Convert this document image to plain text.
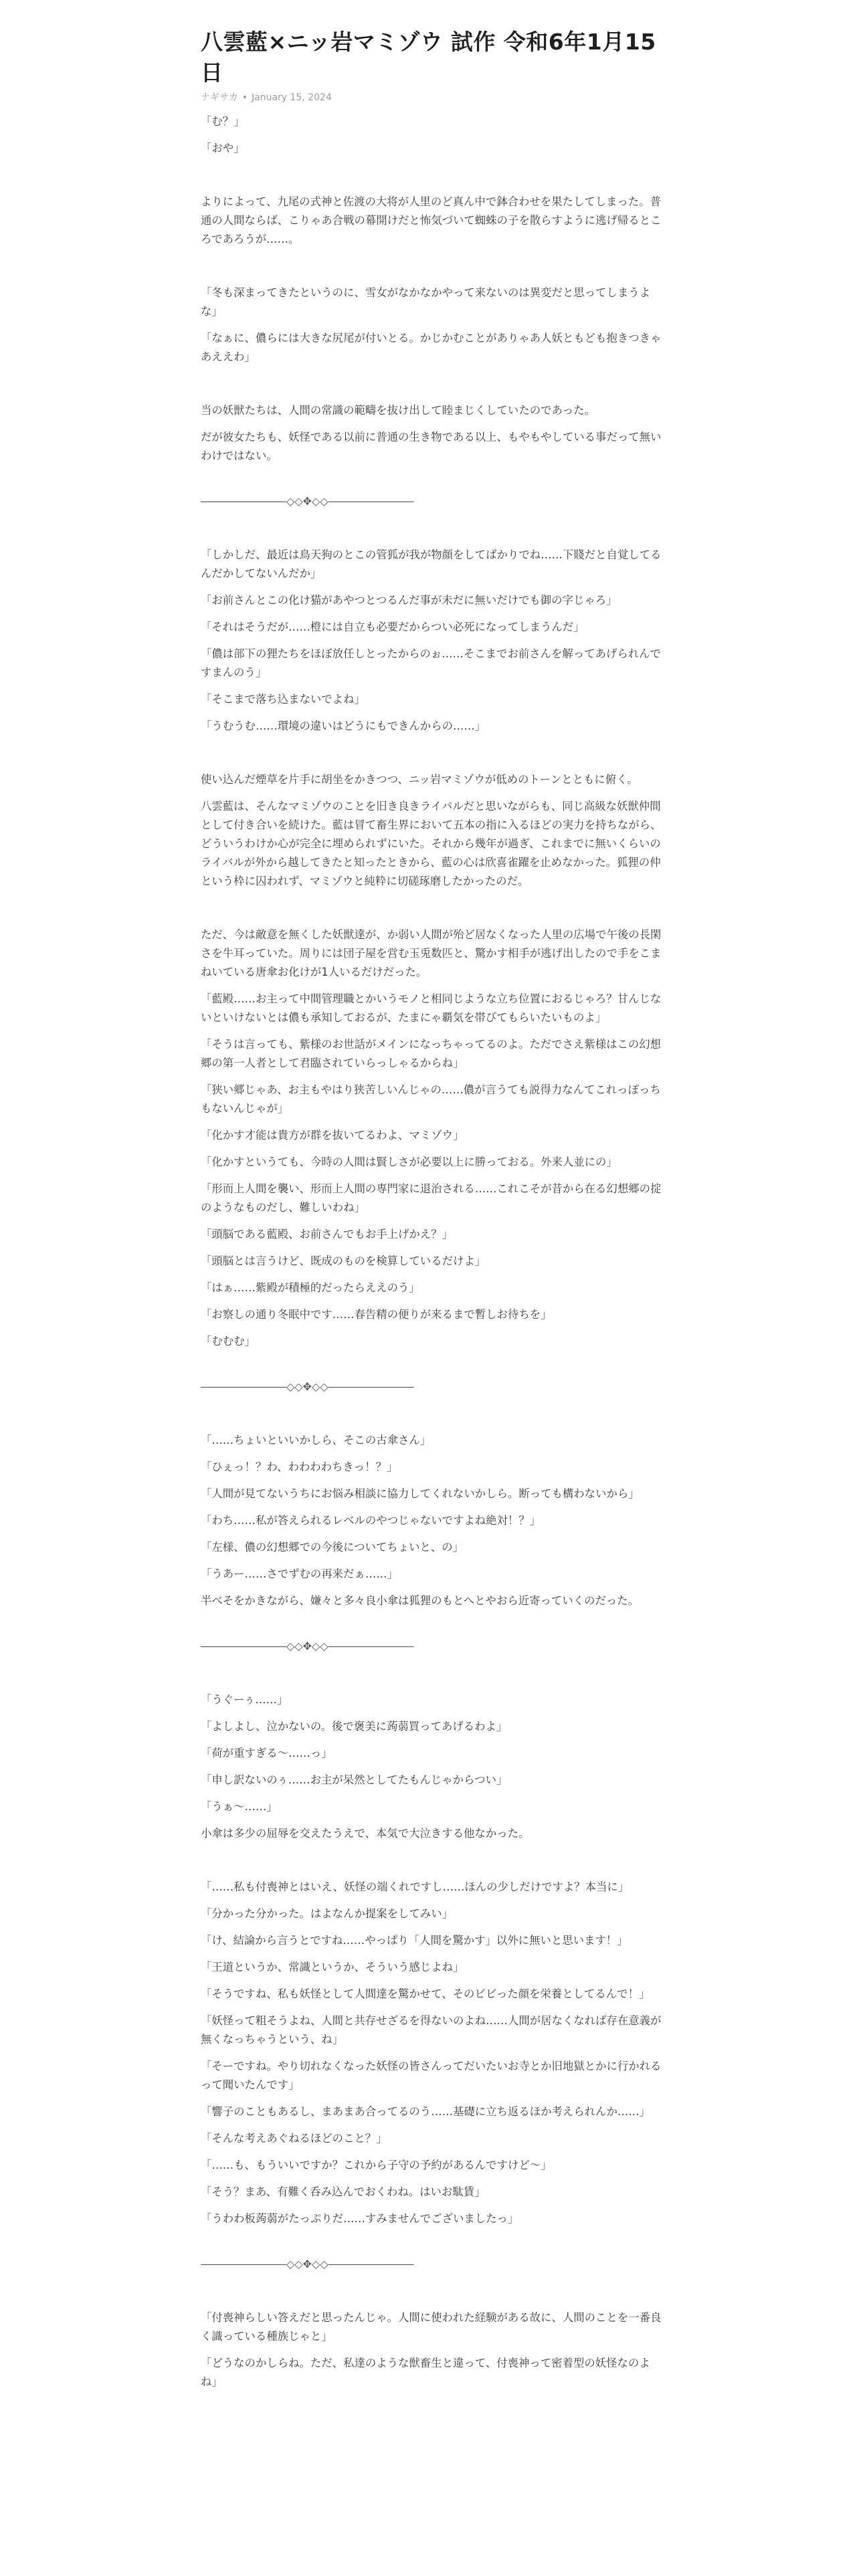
八雲藍×ニッ岩マミゾウ 試作 令和6年1月15日
ナギサカ • January 15, 2024

「む？」

「おや」

よりによって、九尾の式神と佐渡の大将が人里のど真ん中で鉢合わせを果たしてしまった。普通の人間ならば、こりゃあ合戦の幕開けだと怖気づいて蜘蛛の子を散らすように逃げ帰るところであろうが……。

「冬も深まってきたというのに、雪女がなかなかやって来ないのは異変だと思ってしまうよな」

「なぁに、儂らには大きな尻尾が付いとる。かじかむことがありゃあ人妖ともども抱きつきゃあええわ」

当の妖獣たちは、人間の常識の範疇を抜け出して睦まじくしていたのであった。

だが彼女たちも、妖怪である以前に普通の生き物である以上、もやもやしている事だって無いわけではない。

――――――――◇◇✥◇◇――――――――

「しかしだ、最近は鳥天狗のとこの管狐が我が物顔をしてばかりでね……下賤だと自覚してるんだかしてないんだか」

「お前さんとこの化け猫があやつとつるんだ事が未だに無いだけでも御の字じゃろ」

「それはそうだが……橙には自立も必要だからつい必死になってしまうんだ」

「儂は部下の狸たちをほぼ放任しとったからのぉ……そこまでお前さんを解ってあげられんですまんのう」

「そこまで落ち込まないでよね」

「うむうむ……環境の違いはどうにもできんからの……」

使い込んだ煙草を片手に胡坐をかきつつ、ニッ岩マミゾウが低めのトーンとともに俯く。

八雲藍は、そんなマミゾウのことを旧き良きライバルだと思いながらも、同じ高級な妖獣仲間として付き合いを続けた。藍は冒て畜生界において五本の指に入るほどの実力を持ちながら、どういうわけか心が完全に埋められずにいた。それから幾年が過ぎ、これまでに無いくらいのライバルが外から越してきたと知ったときから、藍の心は欣喜雀躍を止めなかった。狐狸の仲という枠に囚われず、マミゾウと純粋に切磋琢磨したかったのだ。

ただ、今は敵意を無くした妖獣達が、か弱い人間が殆ど居なくなった人里の広場で午後の長閑さを牛耳っていた。周りには団子屋を営む玉兎数匹と、驚かす相手が逃げ出したので手をこまねいている唐傘お化けが1人いるだけだった。

「藍殿……お主って中間管理職とかいうモノと相同じような立ち位置におるじゃろ？甘んじないといけないとは儂も承知しておるが、たまにゃ覇気を帯びてもらいたいものよ」

「そうは言っても、紫様のお世話がメインになっちゃってるのよ。ただでさえ紫様はこの幻想郷の第一人者として君臨されていらっしゃるからね」

「狭い郷じゃあ、お主もやはり狭苦しいんじゃの……儂が言うても説得力なんてこれっぽっちもないんじゃが」

「化かす才能は貴方が群を抜いてるわよ、マミゾウ」

「化かすというても、今時の人間は賢しさが必要以上に勝っておる。外来人並にの」

「形而上人間を襲い、形而上人間の専門家に退治される……これこそが昔から在る幻想郷の掟のようなものだし、難しいわね」

「頭脳である藍殿、お前さんでもお手上げかえ？」

「頭脳とは言うけど、既成のものを検算しているだけよ」

「はぁ……紫殿が積極的だったらええのう」

「お察しの通り冬眠中です……春告精の便りが来るまで暫しお待ちを」

「むむむ」

――――――――◇◇✥◇◇――――――――

「……ちょいといいかしら、そこの古傘さん」

「ひぇっ！？わ、わわわわちきっ！？」

「人間が見てないうちにお悩み相談に協力してくれないかしら。断っても構わないから」

「わち……私が答えられるレベルのやつじゃないですよね絶対！？」

「左様、儂の幻想郷での今後についてちょいと、の」

「うあー……さでずむの再来だぁ……」

半べそをかきながら、嫌々と多々良小傘は狐狸のもとへとやおら近寄っていくのだった。

――――――――◇◇✥◇◇――――――――

「うぐーぅ……」

「よしよし、泣かないの。後で褒美に蒟蒻買ってあげるわよ」

「荷が重すぎる〜……っ」

「申し訳ないのぅ……お主が呆然としてたもんじゃからつい」

「うぁ〜……」

小傘は多少の屈辱を交えたうえで、本気で大泣きする他なかった。

「……私も付喪神とはいえ、妖怪の端くれですし……ほんの少しだけですよ？本当に」

「分かった分かった。はよなんか提案をしてみい」

「け、結論から言うとですね……やっぱり「人間を驚かす」以外に無いと思います！」

「王道というか、常識というか、そういう感じよね」

「そうですね、私も妖怪として人間達を驚かせて、そのビビった顔を栄養としてるんで！」

「妖怪って粗そうよね、人間と共存せざるを得ないのよね……人間が居なくなれば存在意義が無くなっちゃうという、ね」

「そーですね。やり切れなくなった妖怪の皆さんってだいたいお寺とか旧地獄とかに行かれるって聞いたんです」

「響子のこともあるし、まあまあ合ってるのう……基礎に立ち返るほか考えられんか……」

「そんな考えあぐねるほどのこと？」

「……も、もういいですか？これから子守の予約があるんですけど〜」

「そう？まあ、有難く呑み込んでおくわね。はいお駄賃」

「うわわ板蒟蒻がたっぷりだ……すみませんでございましたっ」

――――――――◇◇✥◇◇――――――――

「付喪神らしい答えだと思ったんじゃ。人間に使われた経験がある故に、人間のことを一番良く識っている種族じゃと」

「どうなのかしらね。ただ、私達のような獣畜生と違って、付喪神って密着型の妖怪なのよね」
